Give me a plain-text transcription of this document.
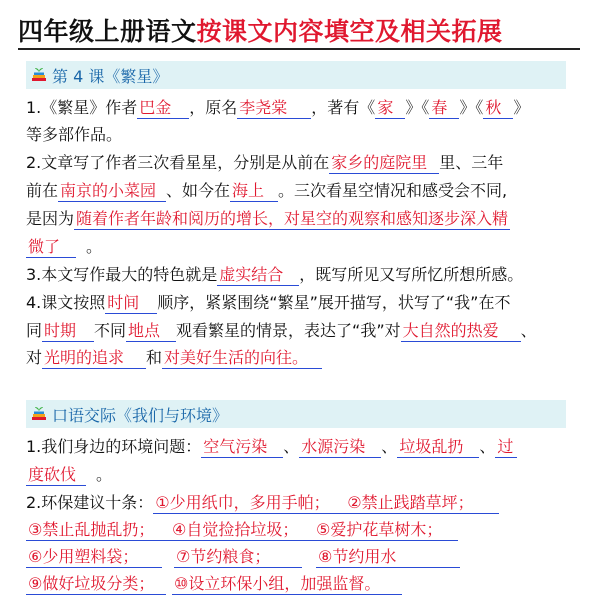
四年级上册语文按课文内容填空及相关拓展
第 4 课《繁星》
1.《繁星》作者 巴金 ，原名 李尧棠 ，著有《 家 》《 春 》《 秋 》
等多部作品。
2.文章写了作者三次看星星，分别是从前在 家乡的庭院里 里、三年
前在 南京的小菜园 、如今在 海上 。三次看星空情况和感受会不同,
是因为 随着作者年龄和阅历的增长，对星空的观察和感知逐步深入精
微了 。
3.本文写作最大的特色就是 虚实结合 ，既写所见又写所忆所想所感。
4.课文按照 时间 顺序，紧紧围绕“繁星”展开描写，状写了“我”在不
同 时期 不同 地点 观看繁星的情景，表达了“我”对 大自然的热爱 、
对 光明的追求 和 对美好生活的向往。
口语交际《我们与环境》
1.我们身边的环境问题： 空气污染 、 水源污染 、 垃圾乱扔 、 过
度砍伐 。
2.环保建议十条： ①少用纸巾，多用手帕； ②禁止践踏草坪；
③禁止乱抛乱扔； ④自觉捡拾垃圾； ⑤爱护花草树木；
⑥少用塑料袋； ⑦节约粮食；	⑧节约用水
⑨做好垃圾分类； ⑩设立环保小组，加强监督。
